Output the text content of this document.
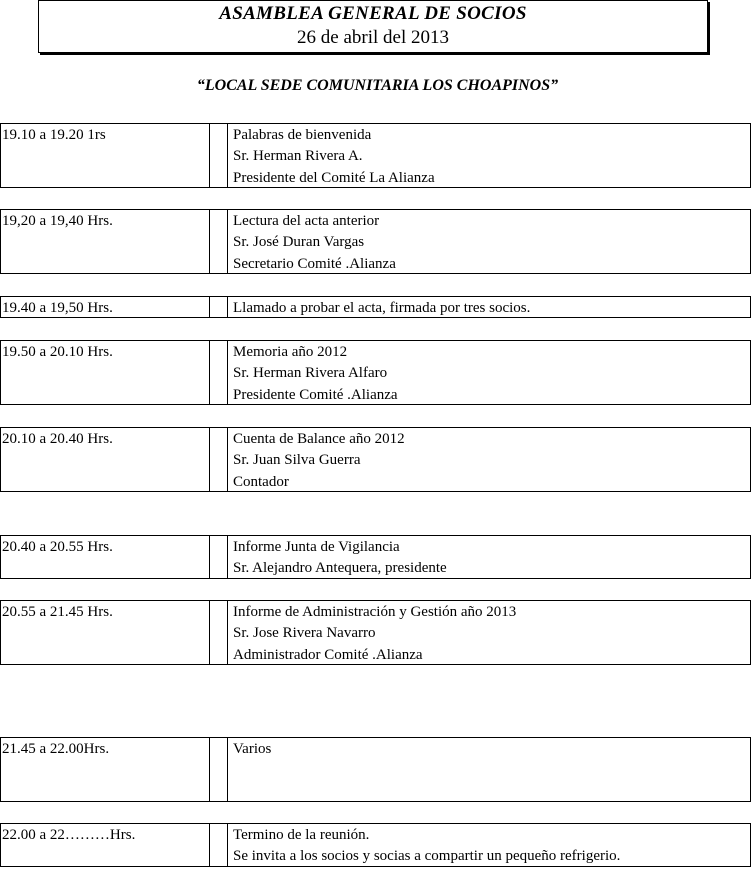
ASAMBLEA GENERAL DE SOCIOS
26 de abril del 2013
“LOCAL SEDE COMUNITARIA LOS CHOAPINOS”
19.10 a 19.20 1rs	Palabras de bienvenida
Sr. Herman Rivera A.
Presidente del Comité La Alianza
19,20 a 19,40 Hrs.	Lectura del acta anterior
Sr. José Duran Vargas
Secretario Comité .Alianza
19.40 a 19,50 Hrs.	Llamado a probar el acta, firmada por tres socios.
19.50 a 20.10 Hrs.	Memoria año 2012
Sr. Herman Rivera Alfaro
Presidente Comité .Alianza
20.10 a 20.40 Hrs.	Cuenta de Balance año 2012
Sr. Juan Silva Guerra
Contador
20.40 a 20.55 Hrs.	Informe Junta de Vigilancia
Sr. Alejandro Antequera, presidente
20.55 a 21.45 Hrs.	Informe de Administración y Gestión año 2013
Sr. Jose Rivera Navarro
Administrador Comité .Alianza
21.45 a 22.00Hrs.	Varios
22.00 a 22………Hrs.	Termino de la reunión.
Se invita a los socios y socias a compartir un pequeño refrigerio.
